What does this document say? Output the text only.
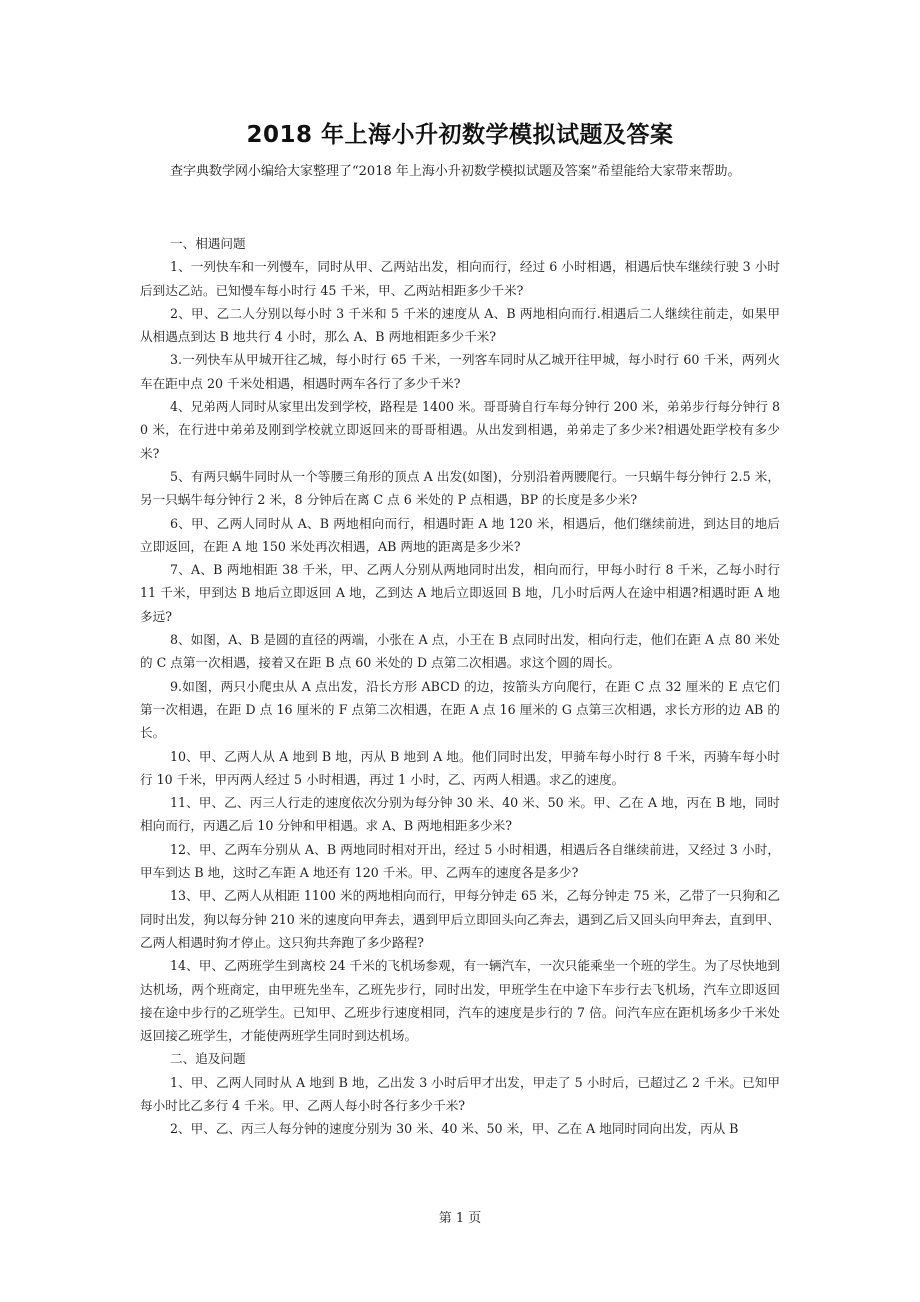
2018 年上海小升初数学模拟试题及答案
查字典数学网小编给大家整理了“2018 年上海小升初数学模拟试题及答案”希望能给大家带来帮助。

一、相遇问题

1、一列快车和一列慢车，同时从甲、乙两站出发，相向而行，经过 6 小时相遇，相遇后快车继续行驶 3 小时后到达乙站。已知慢车每小时行 45 千米，甲、乙两站相距多少千米?

2、甲、乙二人分别以每小时 3 千米和 5 千米的速度从 A、B 两地相向而行.相遇后二人继续往前走，如果甲从相遇点到达 B 地共行 4 小时，那么 A、B 两地相距多少千米?

3.一列快车从甲城开往乙城，每小时行 65 千米，一列客车同时从乙城开往甲城，每小时行 60 千米，两列火车在距中点 20 千米处相遇，相遇时两车各行了多少千米?

4、兄弟两人同时从家里出发到学校，路程是 1400 米。哥哥骑自行车每分钟行 200 米，弟弟步行每分钟行 80 米，在行进中弟弟及刚到学校就立即返回来的哥哥相遇。从出发到相遇，弟弟走了多少米?相遇处距学校有多少米?

5、有两只蜗牛同时从一个等腰三角形的顶点 A 出发(如图)，分别沿着两腰爬行。一只蜗牛每分钟行 2.5 米，另一只蜗牛每分钟行 2 米，8 分钟后在离 C 点 6 米处的 P 点相遇，BP 的长度是多少米?

6、甲、乙两人同时从 A、B 两地相向而行，相遇时距 A 地 120 米，相遇后，他们继续前进，到达目的地后立即返回，在距 A 地 150 米处再次相遇，AB 两地的距离是多少米?

7、A、B 两地相距 38 千米，甲、乙两人分别从两地同时出发，相向而行，甲每小时行 8 千米，乙每小时行 11 千米，甲到达 B 地后立即返回 A 地，乙到达 A 地后立即返回 B 地，几小时后两人在途中相遇?相遇时距 A 地多远?

8、如图，A、B 是圆的直径的两端，小张在 A 点，小王在 B 点同时出发，相向行走，他们在距 A 点 80 米处的 C 点第一次相遇，接着又在距 B 点 60 米处的 D 点第二次相遇。求这个圆的周长。

9.如图，两只小爬虫从 A 点出发，沿长方形 ABCD 的边，按箭头方向爬行，在距 C 点 32 厘米的 E 点它们第一次相遇，在距 D 点 16 厘米的 F 点第二次相遇，在距 A 点 16 厘米的 G 点第三次相遇，求长方形的边 AB 的长。

10、甲、乙两人从 A 地到 B 地，丙从 B 地到 A 地。他们同时出发，甲骑车每小时行 8 千米，丙骑车每小时行 10 千米，甲丙两人经过 5 小时相遇，再过 1 小时，乙、丙两人相遇。求乙的速度。

11、甲、乙、丙三人行走的速度依次分别为每分钟 30 米、40 米、50 米。甲、乙在 A 地，丙在 B 地，同时相向而行，丙遇乙后 10 分钟和甲相遇。求 A、B 两地相距多少米?

12、甲、乙两车分别从 A、B 两地同时相对开出，经过 5 小时相遇，相遇后各自继续前进，又经过 3 小时，甲车到达 B 地，这时乙车距 A 地还有 120 千米。甲、乙两车的速度各是多少?

13、甲、乙两人从相距 1100 米的两地相向而行，甲每分钟走 65 米，乙每分钟走 75 米，乙带了一只狗和乙同时出发，狗以每分钟 210 米的速度向甲奔去，遇到甲后立即回头向乙奔去，遇到乙后又回头向甲奔去，直到甲、乙两人相遇时狗才停止。这只狗共奔跑了多少路程?

14、甲、乙两班学生到离校 24 千米的飞机场参观，有一辆汽车，一次只能乘坐一个班的学生。为了尽快地到达机场，两个班商定，由甲班先坐车，乙班先步行，同时出发，甲班学生在中途下车步行去飞机场，汽车立即返回接在途中步行的乙班学生。已知甲、乙班步行速度相同，汽车的速度是步行的 7 倍。问汽车应在距机场多少千米处返回接乙班学生，才能使两班学生同时到达机场。

二、追及问题

1、甲、乙两人同时从 A 地到 B 地，乙出发 3 小时后甲才出发，甲走了 5 小时后，已超过乙 2 千米。已知甲每小时比乙多行 4 千米。甲、乙两人每小时各行多少千米?

2、甲、乙、丙三人每分钟的速度分别为 30 米、40 米、50 米，甲、乙在 A 地同时同向出发，丙从 B

第 1 页
